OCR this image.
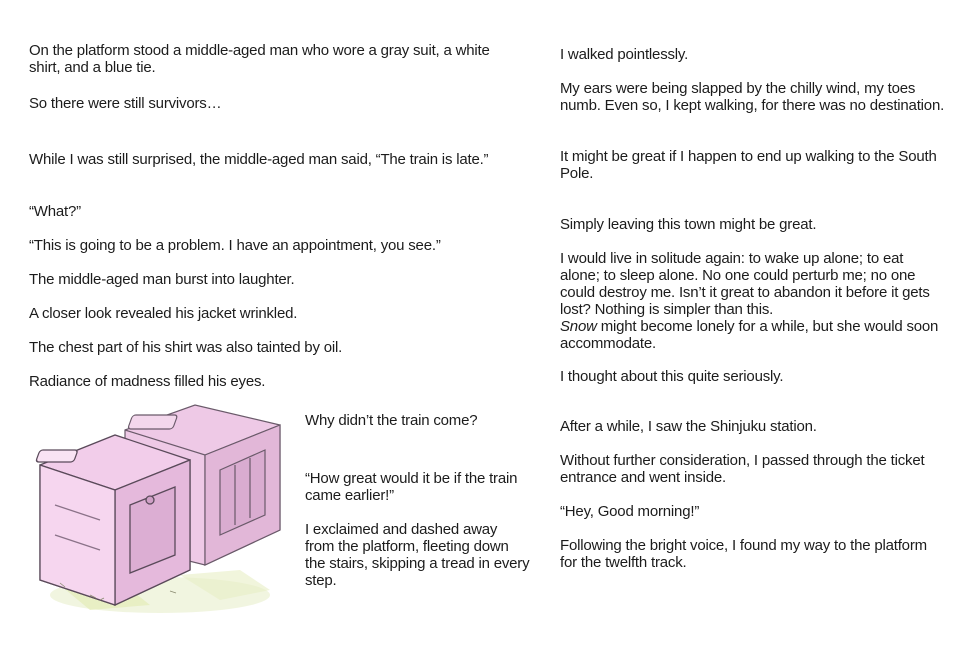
On the platform stood a middle-aged man who wore a gray suit, a white shirt, and a blue tie.

So there were still survivors…

While I was still surprised, the middle-aged man said, “The train is late.”

“What?”

“This is going to be a problem. I have an appointment, you see.”

The middle-aged man burst into laughter.

A closer look revealed his jacket wrinkled.

The chest part of his shirt was also tainted by oil.

Radiance of madness filled his eyes.

Why didn’t the train come?

“How great would it be if the train came earlier!”

I exclaimed and dashed away from the platform, fleeting down the stairs, skipping a tread in every step.

I walked pointlessly.

My ears were being slapped by the chilly wind, my toes numb. Even so, I kept walking, for there was no destination.

It might be great if I happen to end up walking to the South Pole.

Simply leaving this town might be great.

I would live in solitude again: to wake up alone; to eat alone; to sleep alone. No one could perturb me; no one could destroy me. Isn’t it great to abandon it before it gets lost? Nothing is simpler than this.

Snow might become lonely for a while, but she would soon accommodate.

I thought about this quite seriously.

After a while, I saw the Shinjuku station.

Without further consideration, I passed through the ticket entrance and went inside.

“Hey, Good morning!”

Following the bright voice, I found my way to the platform for the twelfth track.
